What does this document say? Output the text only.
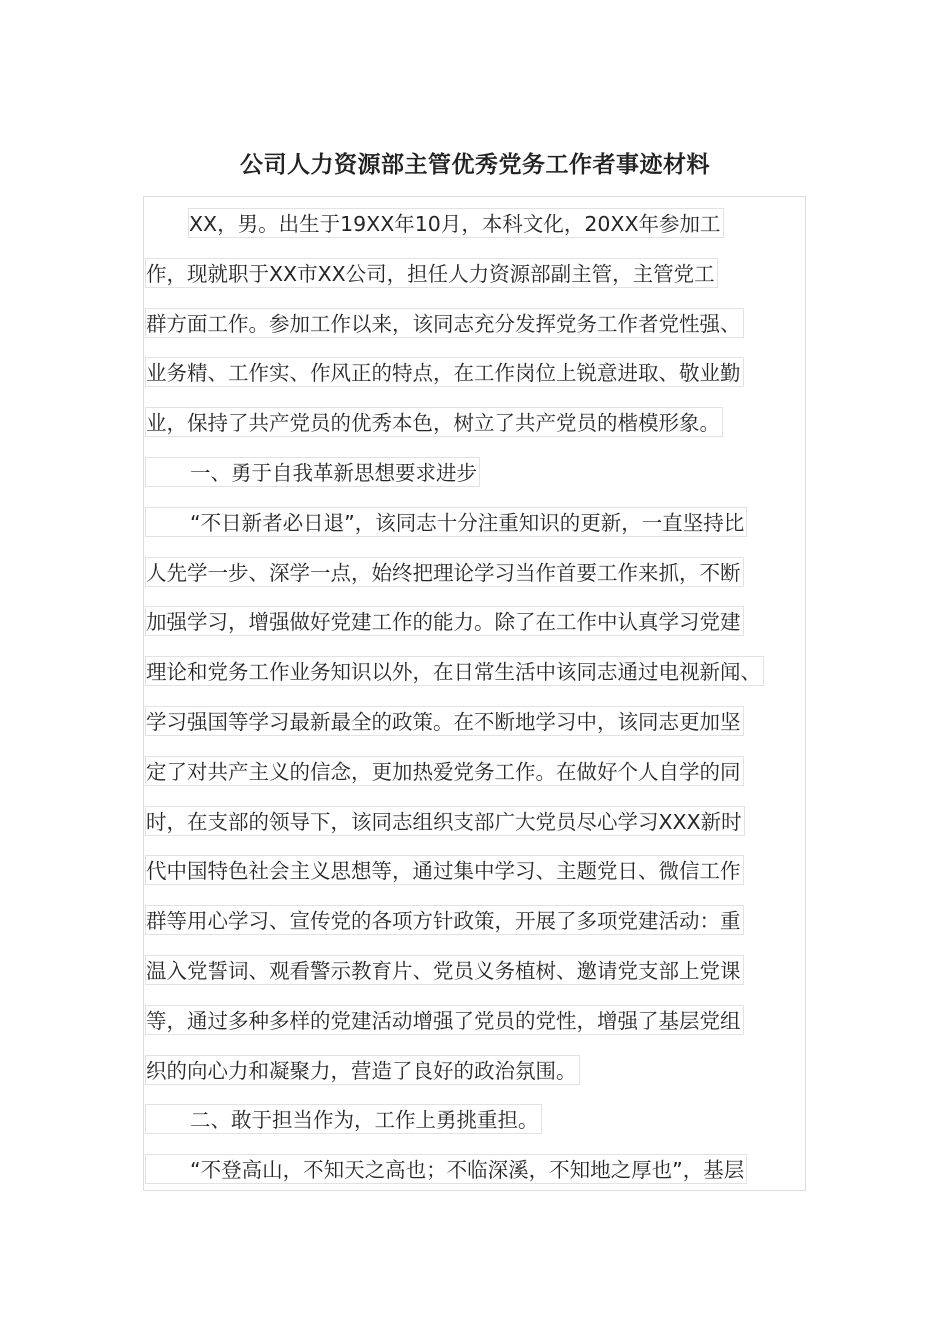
公司人力资源部主管优秀党务工作者事迹材料
XX，男。出生于19XX年10月，本科文化，20XX年参加工
作，现就职于XX市XX公司，担任人力资源部副主管，主管党工
群方面工作。参加工作以来，该同志充分发挥党务工作者党性强、
业务精、工作实、作风正的特点，在工作岗位上锐意进取、敬业勤
业，保持了共产党员的优秀本色，树立了共产党员的楷模形象。
一、勇于自我革新思想要求进步
“不日新者必日退”，该同志十分注重知识的更新，一直坚持比
人先学一步、深学一点，始终把理论学习当作首要工作来抓，不断
加强学习，增强做好党建工作的能力。除了在工作中认真学习党建
理论和党务工作业务知识以外，在日常生活中该同志通过电视新闻、
学习强国等学习最新最全的政策。在不断地学习中，该同志更加坚
定了对共产主义的信念，更加热爱党务工作。在做好个人自学的同
时，在支部的领导下，该同志组织支部广大党员尽心学习XXX新时
代中国特色社会主义思想等，通过集中学习、主题党日、微信工作
群等用心学习、宣传党的各项方针政策，开展了多项党建活动：重
温入党誓词、观看警示教育片、党员义务植树、邀请党支部上党课
等，通过多种多样的党建活动增强了党员的党性，增强了基层党组
织的向心力和凝聚力，营造了良好的政治氛围。
二、敢于担当作为，工作上勇挑重担。
“不登高山，不知天之高也；不临深溪，不知地之厚也”，基层
